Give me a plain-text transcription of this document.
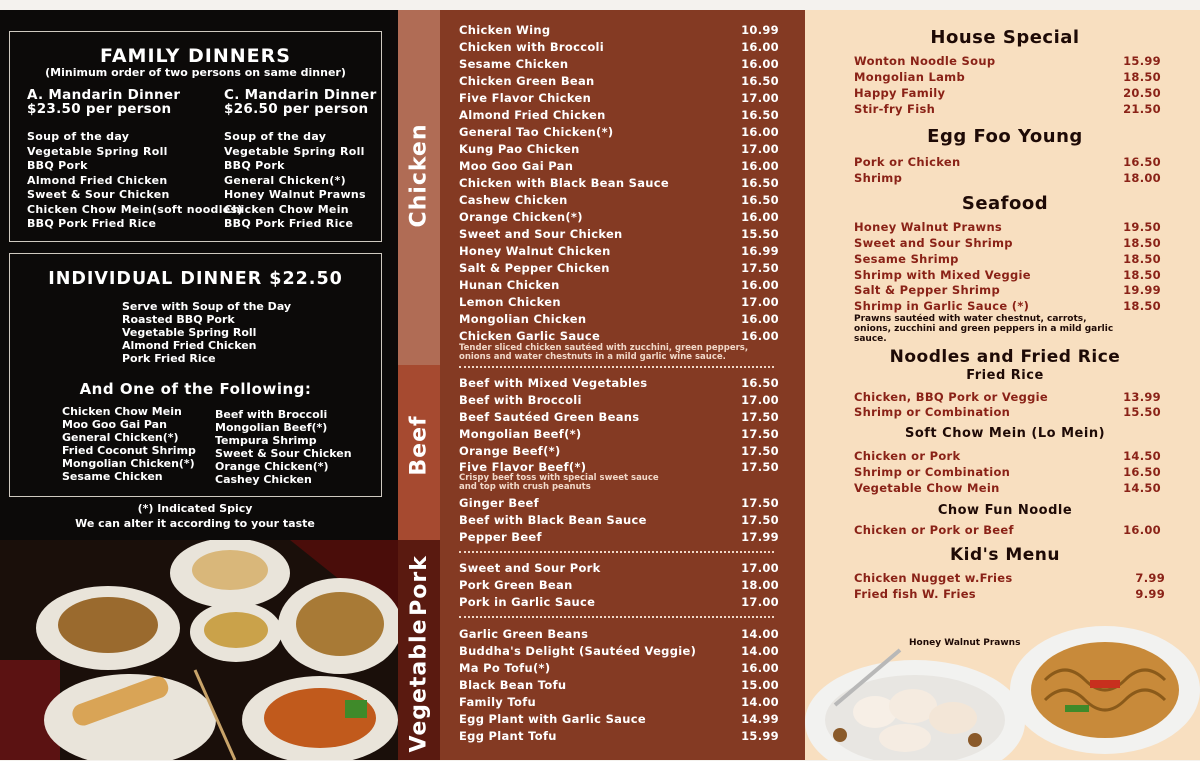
FAMILY DINNERS
(Minimum order of two persons on same dinner)
A. Mandarin Dinner
$23.50 per person
Soup of the day
Vegetable Spring Roll
BBQ Pork
Almond Fried Chicken
Sweet & Sour Chicken
Chicken Chow Mein(soft noodles)
BBQ Pork Fried Rice
C. Mandarin Dinner
$26.50 per person
Soup of the day
Vegetable Spring Roll
BBQ Pork
General Chicken(*)
Honey Walnut Prawns
Chicken Chow Mein
BBQ Pork Fried Rice
INDIVIDUAL DINNER $22.50
Serve with Soup of the Day
Roasted BBQ Pork
Vegetable Spring Roll
Almond Fried Chicken
Pork Fried Rice
And One of the Following:
Chicken Chow Mein
Moo Goo Gai Pan
General Chicken(*)
Fried Coconut Shrimp
Mongolian Chicken(*)
Sesame Chicken
Beef with Broccoli
Mongolian Beef(*)
Tempura Shrimp
Sweet & Sour Chicken
Orange Chicken(*)
Cashey Chicken
(*) Indicated Spicy
We can alter it according to your taste
Chicken
Beef
Pork
Vegetable
Chicken Wing	10.99
Chicken with Broccoli	16.00
Sesame Chicken	16.00
Chicken Green Bean	16.50
Five Flavor Chicken	17.00
Almond Fried Chicken	16.50
General Tao Chicken(*)	16.00
Kung Pao Chicken	17.00
Moo Goo Gai Pan	16.00
Chicken with Black Bean Sauce	16.50
Cashew Chicken	16.50
Orange Chicken(*)	16.00
Sweet and Sour Chicken	15.50
Honey Walnut Chicken	16.99
Salt & Pepper Chicken	17.50
Hunan Chicken	16.00
Lemon Chicken	17.00
Mongolian Chicken	16.00
Chicken Garlic Sauce	16.00
Tender sliced chicken sautéed with zucchini, green peppers, onions and water chestnuts in a mild garlic wine sauce.
Beef with Mixed Vegetables	16.50
Beef with Broccoli	17.00
Beef Sautéed Green Beans	17.50
Mongolian Beef(*)	17.50
Orange Beef(*)	17.50
Five Flavor Beef(*)	17.50
Crispy beef toss with special sweet sauce and top with crush peanuts
Ginger Beef	17.50
Beef with Black Bean Sauce	17.50
Pepper Beef	17.99
Sweet and Sour Pork	17.00
Pork Green Bean	18.00
Pork in Garlic Sauce	17.00
Garlic Green Beans	14.00
Buddha's Delight (Sautéed Veggie)	14.00
Ma Po Tofu(*)	16.00
Black Bean Tofu	15.00
Family Tofu	14.00
Egg Plant with Garlic Sauce	14.99
Egg Plant Tofu	15.99
House Special
Wonton Noodle Soup	15.99
Mongolian Lamb	18.50
Happy Family	20.50
Stir-fry Fish	21.50
Egg Foo Young
Pork or Chicken	16.50
Shrimp	18.00
Seafood
Honey Walnut Prawns	19.50
Sweet and Sour Shrimp	18.50
Sesame Shrimp	18.50
Shrimp with Mixed Veggie	18.50
Salt & Pepper Shrimp	19.99
Shrimp in Garlic Sauce (*)	18.50
Prawns sautéed with water chestnut, carrots, onions, zucchini and green peppers in a mild garlic sauce.
Noodles and Fried Rice
Fried Rice
Chicken, BBQ Pork or Veggie	13.99
Shrimp or Combination	15.50
Soft Chow Mein (Lo Mein)
Chicken or Pork	14.50
Shrimp or Combination	16.50
Vegetable Chow Mein	14.50
Chow Fun Noodle
Chicken or Pork or Beef	16.00
Kid's Menu
Chicken Nugget w.Fries	7.99
Fried fish W. Fries	9.99
Honey Walnut Prawns
